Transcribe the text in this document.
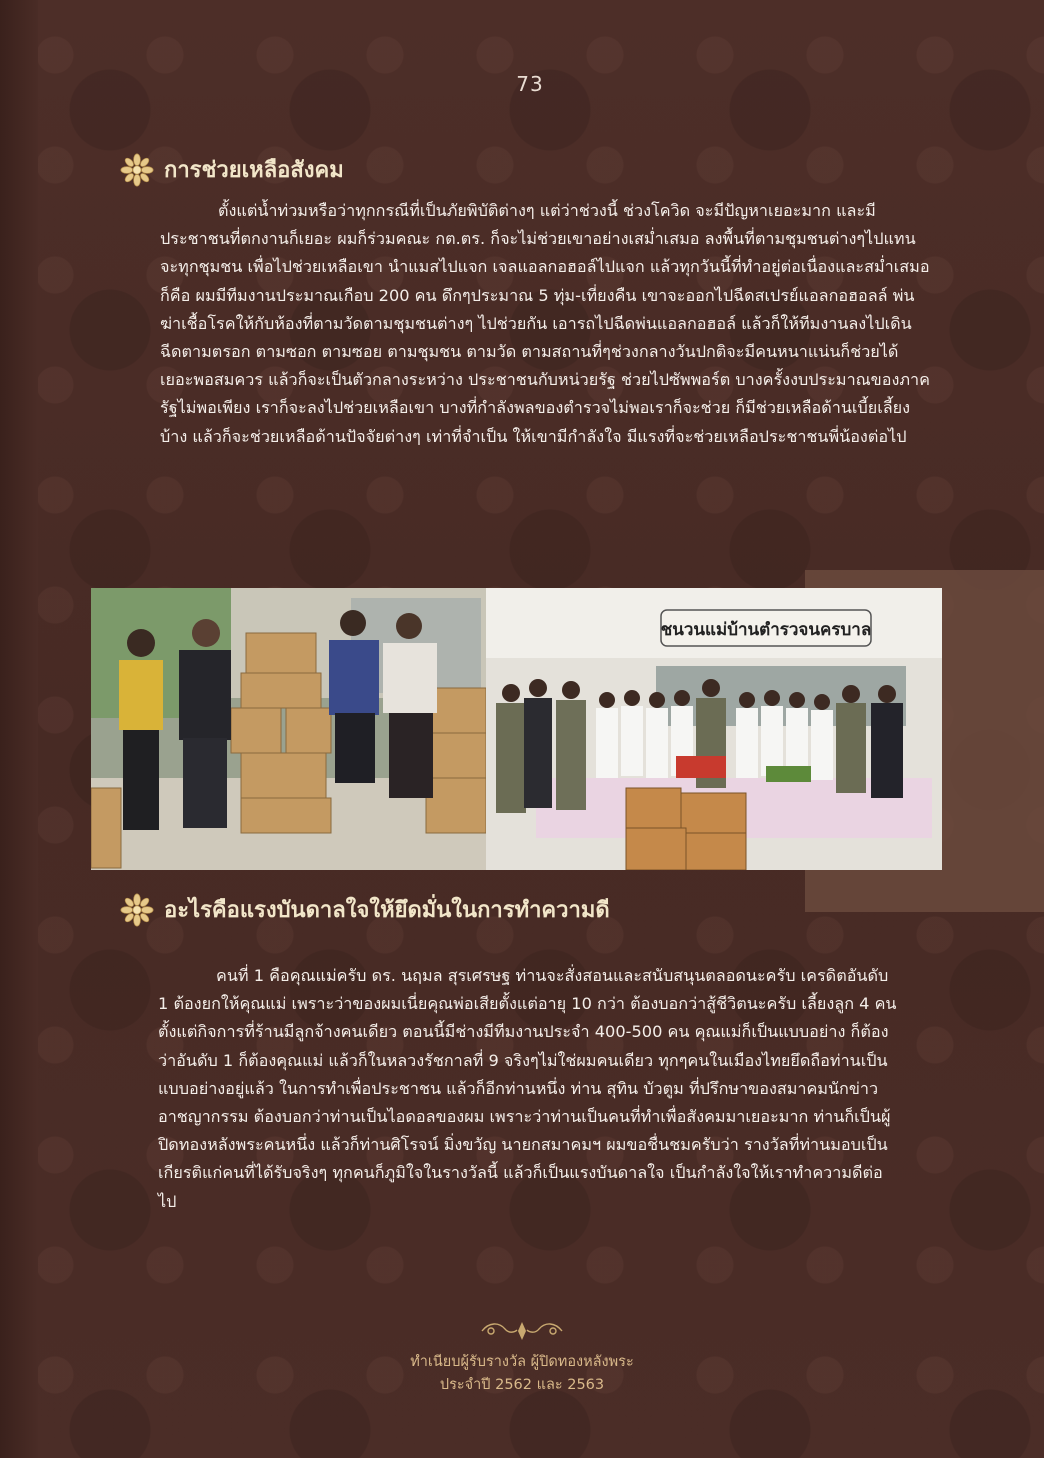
73
การช่วยเหลือสังคม
ตั้งแต่น้ำท่วมหรือว่าทุกกรณีที่เป็นภัยพิบัติต่างๆ แต่ว่าช่วงนี้ ช่วงโควิด จะมีปัญหาเยอะมาก และมีประชาชนที่ตกงานก็เยอะ ผมก็ร่วมคณะ กต.ตร. ก็จะไม่ช่วยเขาอย่างเสม่ำเสมอ ลงพื้นที่ตามชุมชนต่างๆไปแทนจะทุกชุมชน เพื่อไปช่วยเหลือเขา นำแมสไปแจก เจลแอลกอฮอล์ไปแจก แล้วทุกวันนี้ที่ทำอยู่ต่อเนื่องและสม่ำเสมอก็คือ ผมมีทีมงานประมาณเกือบ 200 คน ดึกๆประมาณ 5 ทุ่ม-เที่ยงคืน เขาจะออกไปฉีดสเปรย์แอลกอฮอลล์ พ่นฆ่าเชื้อโรคให้กับห้องที่ตามวัดตามชุมชนต่างๆ ไปช่วยกัน เอารถไปฉีดพ่นแอลกอฮอล์ แล้วก็ให้ทีมงานลงไปเดินฉีดตามตรอก ตามซอก ตามซอย ตามชุมชน ตามวัด ตามสถานที่ๆช่วงกลางวันปกติจะมีคนหนาแน่นก็ช่วยได้เยอะพอสมควร แล้วก็จะเป็นตัวกลางระหว่าง ประชาชนกับหน่วยรัฐ ช่วยไปซัพพอร์ต บางครั้งงบประมาณของภาครัฐไม่พอเพียง เราก็จะลงไปช่วยเหลือเขา บางที่กำลังพลของตำรวจไม่พอเราก็จะช่วย ก็มีช่วยเหลือด้านเบี้ยเลี้ยงบ้าง แล้วก็จะช่วยเหลือด้านปัจจัยต่างๆ เท่าที่จำเป็น ให้เขามีกำลังใจ มีแรงที่จะช่วยเหลือประชาชนพี่น้องต่อไป
ชนวนแม่บ้านตำรวจนครบาล
อะไรคือแรงบันดาลใจให้ยึดมั่นในการทำความดี
คนที่ 1 คือคุณแม่ครับ ดร. นฤมล สุรเศรษฐ ท่านจะสั่งสอนและสนับสนุนตลอดนะครับ เครดิตอันดับ 1 ต้องยกให้คุณแม่ เพราะว่าของผมเนี่ยคุณพ่อเสียตั้งแต่อายุ 10 กว่า ต้องบอกว่าสู้ชีวิตนะครับ เลี้ยงลูก 4 คน ตั้งแต่กิจการที่ร้านมีลูกจ้างคนเดียว ตอนนี้มีช่างมีทีมงานประจำ 400-500 คน คุณแม่ก็เป็นแบบอย่าง ก็ต้องว่าอันดับ 1 ก็ต้องคุณแม่ แล้วก็ในหลวงรัชกาลที่ 9 จริงๆไม่ใช่ผมคนเดียว ทุกๆคนในเมืองไทยยึดถือท่านเป็นแบบอย่างอยู่แล้ว ในการทำเพื่อประชาชน แล้วก็อีกท่านหนึ่ง ท่าน สุทิน บัวตูม ที่ปรึกษาของสมาคมนักข่าวอาชญากรรม ต้องบอกว่าท่านเป็นไอดอลของผม เพราะว่าท่านเป็นคนที่ทำเพื่อสังคมมาเยอะมาก ท่านก็เป็นผู้ปิดทองหลังพระคนหนึ่ง แล้วก็ท่านศิโรจน์ มิ่งขวัญ นายกสมาคมฯ ผมขอชื่นชมครับว่า รางวัลที่ท่านมอบเป็นเกียรติแก่คนที่ได้รับจริงๆ ทุกคนก็ภูมิใจในรางวัลนี้ แล้วก็เป็นแรงบันดาลใจ เป็นกำลังใจให้เราทำความดีต่อไป
ทำเนียบผู้รับรางวัล ผู้ปิดทองหลังพระ
ประจำปี 2562 และ 2563
